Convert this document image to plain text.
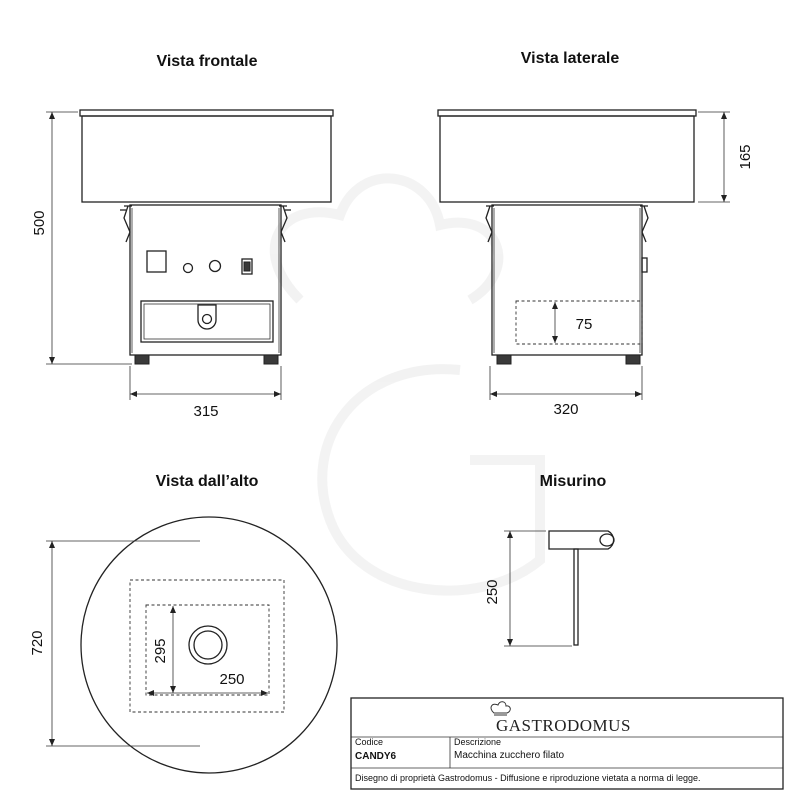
Vista frontale
500
315
Vista laterale
165
75
320
Vista dall’alto
720	295
250
Misurino
250
GASTRODOMUS
Codice
CANDY6
Descrizione
Macchina zucchero filato
Disegno di proprietà Gastrodomus - Diffusione e riproduzione vietata a norma di legge.
